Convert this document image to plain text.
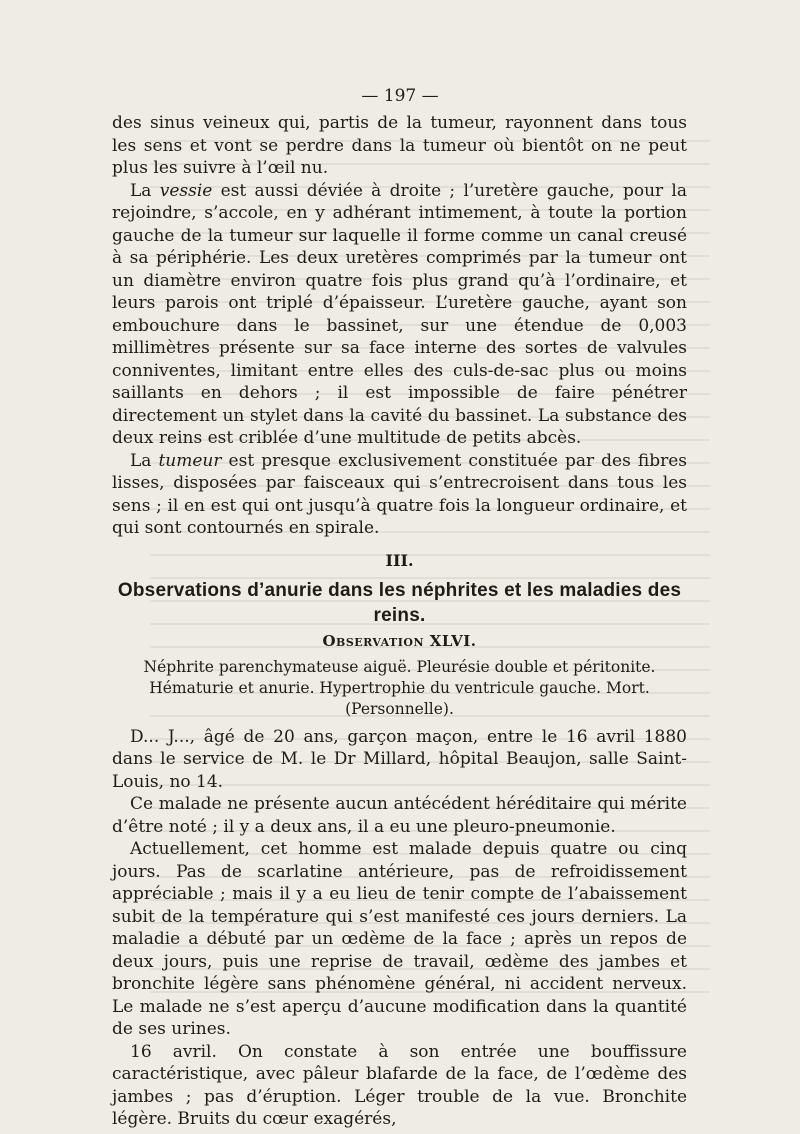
— 197 —

des sinus veineux qui, partis de la tumeur, rayonnent dans tous les sens et vont se perdre dans la tumeur où bientôt on ne peut plus les suivre à l’œil nu.

La vessie est aussi déviée à droite ; l’uretère gauche, pour la rejoindre, s’accole, en y adhérant intimement, à toute la portion gauche de la tumeur sur laquelle il forme comme un canal creusé à sa périphérie. Les deux uretères comprimés par la tumeur ont un diamètre environ quatre fois plus grand qu’à l’ordinaire, et leurs parois ont triplé d’épaisseur. L’uretère gauche, ayant son embouchure dans le bassinet, sur une étendue de 0,003 millimètres présente sur sa face interne des sortes de valvules conniventes, limitant entre elles des culs-de-sac plus ou moins saillants en dehors ; il est impossible de faire pénétrer directement un stylet dans la cavité du bassinet. La substance des deux reins est criblée d’une multitude de petits abcès.

La tumeur est presque exclusivement constituée par des fibres lisses, disposées par faisceaux qui s’entrecroisent dans tous les sens ; il en est qui ont jusqu’à quatre fois la longueur ordinaire, et qui sont contournés en spirale.

III.
Observations d’anurie dans les néphrites et les maladies des reins.
Observation XLVI.
Néphrite parenchymateuse aiguë. Pleurésie double et péritonite. Hématurie et anurie. Hypertrophie du ventricule gauche. Mort.
(Personnelle).

D... J..., âgé de 20 ans, garçon maçon, entre le 16 avril 1880 dans le service de M. le Dr Millard, hôpital Beaujon, salle Saint-Louis, no 14.

Ce malade ne présente aucun antécédent héréditaire qui mérite d’être noté ; il y a deux ans, il a eu une pleuro-pneumonie.

Actuellement, cet homme est malade depuis quatre ou cinq jours. Pas de scarlatine antérieure, pas de refroidissement appréciable ; mais il y a eu lieu de tenir compte de l’abaissement subit de la température qui s’est manifesté ces jours derniers. La maladie a débuté par un œdème de la face ; après un repos de deux jours, puis une reprise de travail, œdème des jambes et bronchite légère sans phénomène général, ni accident nerveux. Le malade ne s’est aperçu d’aucune modification dans la quantité de ses urines.

16 avril. On constate à son entrée une bouffissure caractéristique, avec pâleur blafarde de la face, de l’œdème des jambes ; pas d’éruption. Léger trouble de la vue. Bronchite légère. Bruits du cœur exagérés,
